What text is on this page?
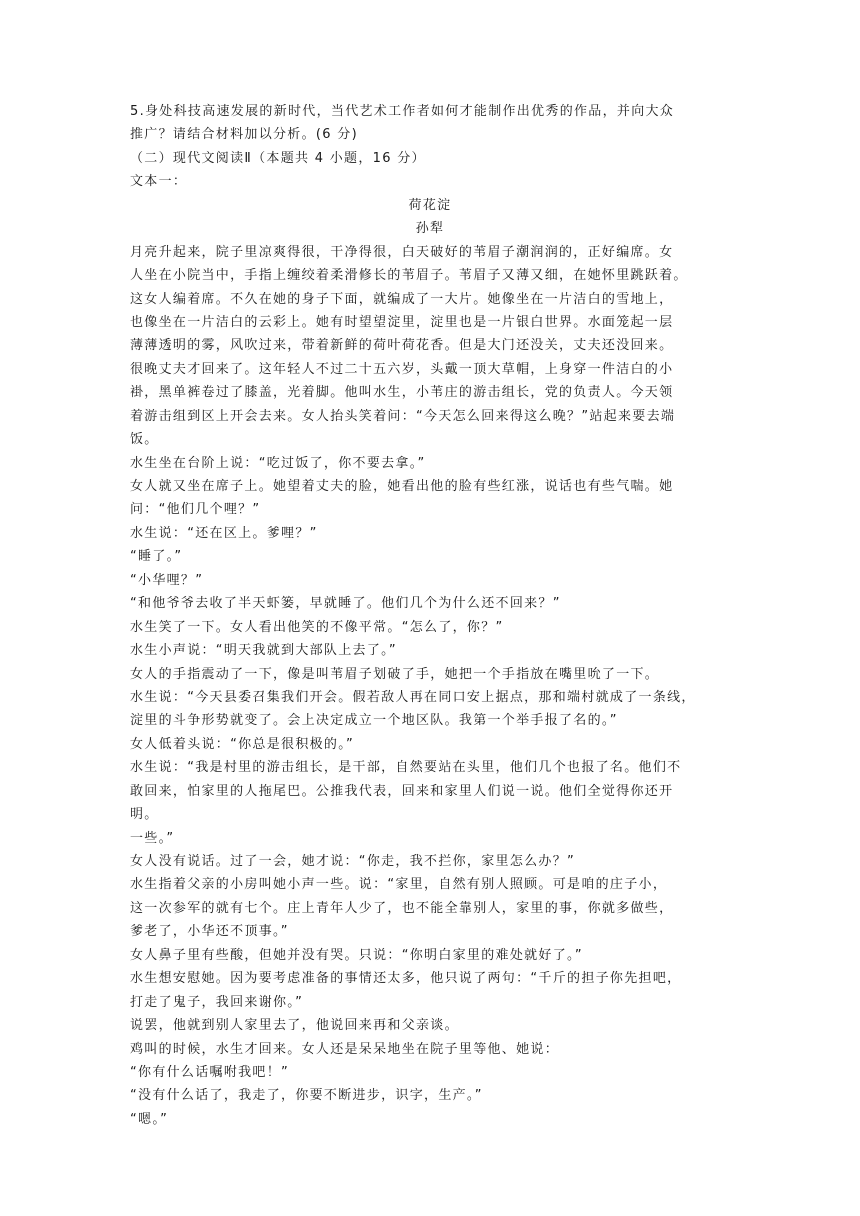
5.身处科技高速发展的新时代，当代艺术工作者如何才能制作出优秀的作品，并向大众
推广？请结合材料加以分析。(6 分)
（二）现代文阅读Ⅱ（本题共 4 小题，16 分）
文本一：
荷花淀
孙犁
月亮升起来，院子里凉爽得很，干净得很，白天破好的苇眉子潮润润的，正好编席。女
人坐在小院当中，手指上缠绞着柔滑修长的苇眉子。苇眉子又薄又细，在她怀里跳跃着。
这女人编着席。不久在她的身子下面，就编成了一大片。她像坐在一片洁白的雪地上，
也像坐在一片洁白的云彩上。她有时望望淀里，淀里也是一片银白世界。水面笼起一层
薄薄透明的雾，风吹过来，带着新鲜的荷叶荷花香。但是大门还没关，丈夫还没回来。
很晚丈夫才回来了。这年轻人不过二十五六岁，头戴一顶大草帽，上身穿一件洁白的小
褂，黑单裤卷过了膝盖，光着脚。他叫水生，小苇庄的游击组长，党的负责人。今天领
着游击组到区上开会去来。女人抬头笑着问：“今天怎么回来得这么晚？”站起来要去端
饭。
水生坐在台阶上说：“吃过饭了，你不要去拿。”
女人就又坐在席子上。她望着丈夫的脸，她看出他的脸有些红涨，说话也有些气喘。她
问：“他们几个哩？”
水生说：“还在区上。爹哩？”
“睡了。”
“小华哩？”
“和他爷爷去收了半天虾篓，早就睡了。他们几个为什么还不回来？”
水生笑了一下。女人看出他笑的不像平常。“怎么了，你？”
水生小声说：“明天我就到大部队上去了。”
女人的手指震动了一下，像是叫苇眉子划破了手，她把一个手指放在嘴里吮了一下。
水生说：“今天县委召集我们开会。假若敌人再在同口安上据点，那和端村就成了一条线，
淀里的斗争形势就变了。会上决定成立一个地区队。我第一个举手报了名的。”
女人低着头说：“你总是很积极的。”
水生说：“我是村里的游击组长，是干部，自然要站在头里，他们几个也报了名。他们不
敢回来，怕家里的人拖尾巴。公推我代表，回来和家里人们说一说。他们全觉得你还开
明。
一些。”
女人没有说话。过了一会，她才说：“你走，我不拦你，家里怎么办？”
水生指着父亲的小房叫她小声一些。说：“家里，自然有别人照顾。可是咱的庄子小，
这一次参军的就有七个。庄上青年人少了，也不能全靠别人，家里的事，你就多做些，
爹老了，小华还不顶事。”
女人鼻子里有些酸，但她并没有哭。只说：“你明白家里的难处就好了。”
水生想安慰她。因为要考虑准备的事情还太多，他只说了两句：“千斤的担子你先担吧，
打走了鬼子，我回来谢你。”
说罢，他就到别人家里去了，他说回来再和父亲谈。
鸡叫的时候，水生才回来。女人还是呆呆地坐在院子里等他、她说：
“你有什么话嘱咐我吧！”
“没有什么话了，我走了，你要不断进步，识字，生产。”
“嗯。”
